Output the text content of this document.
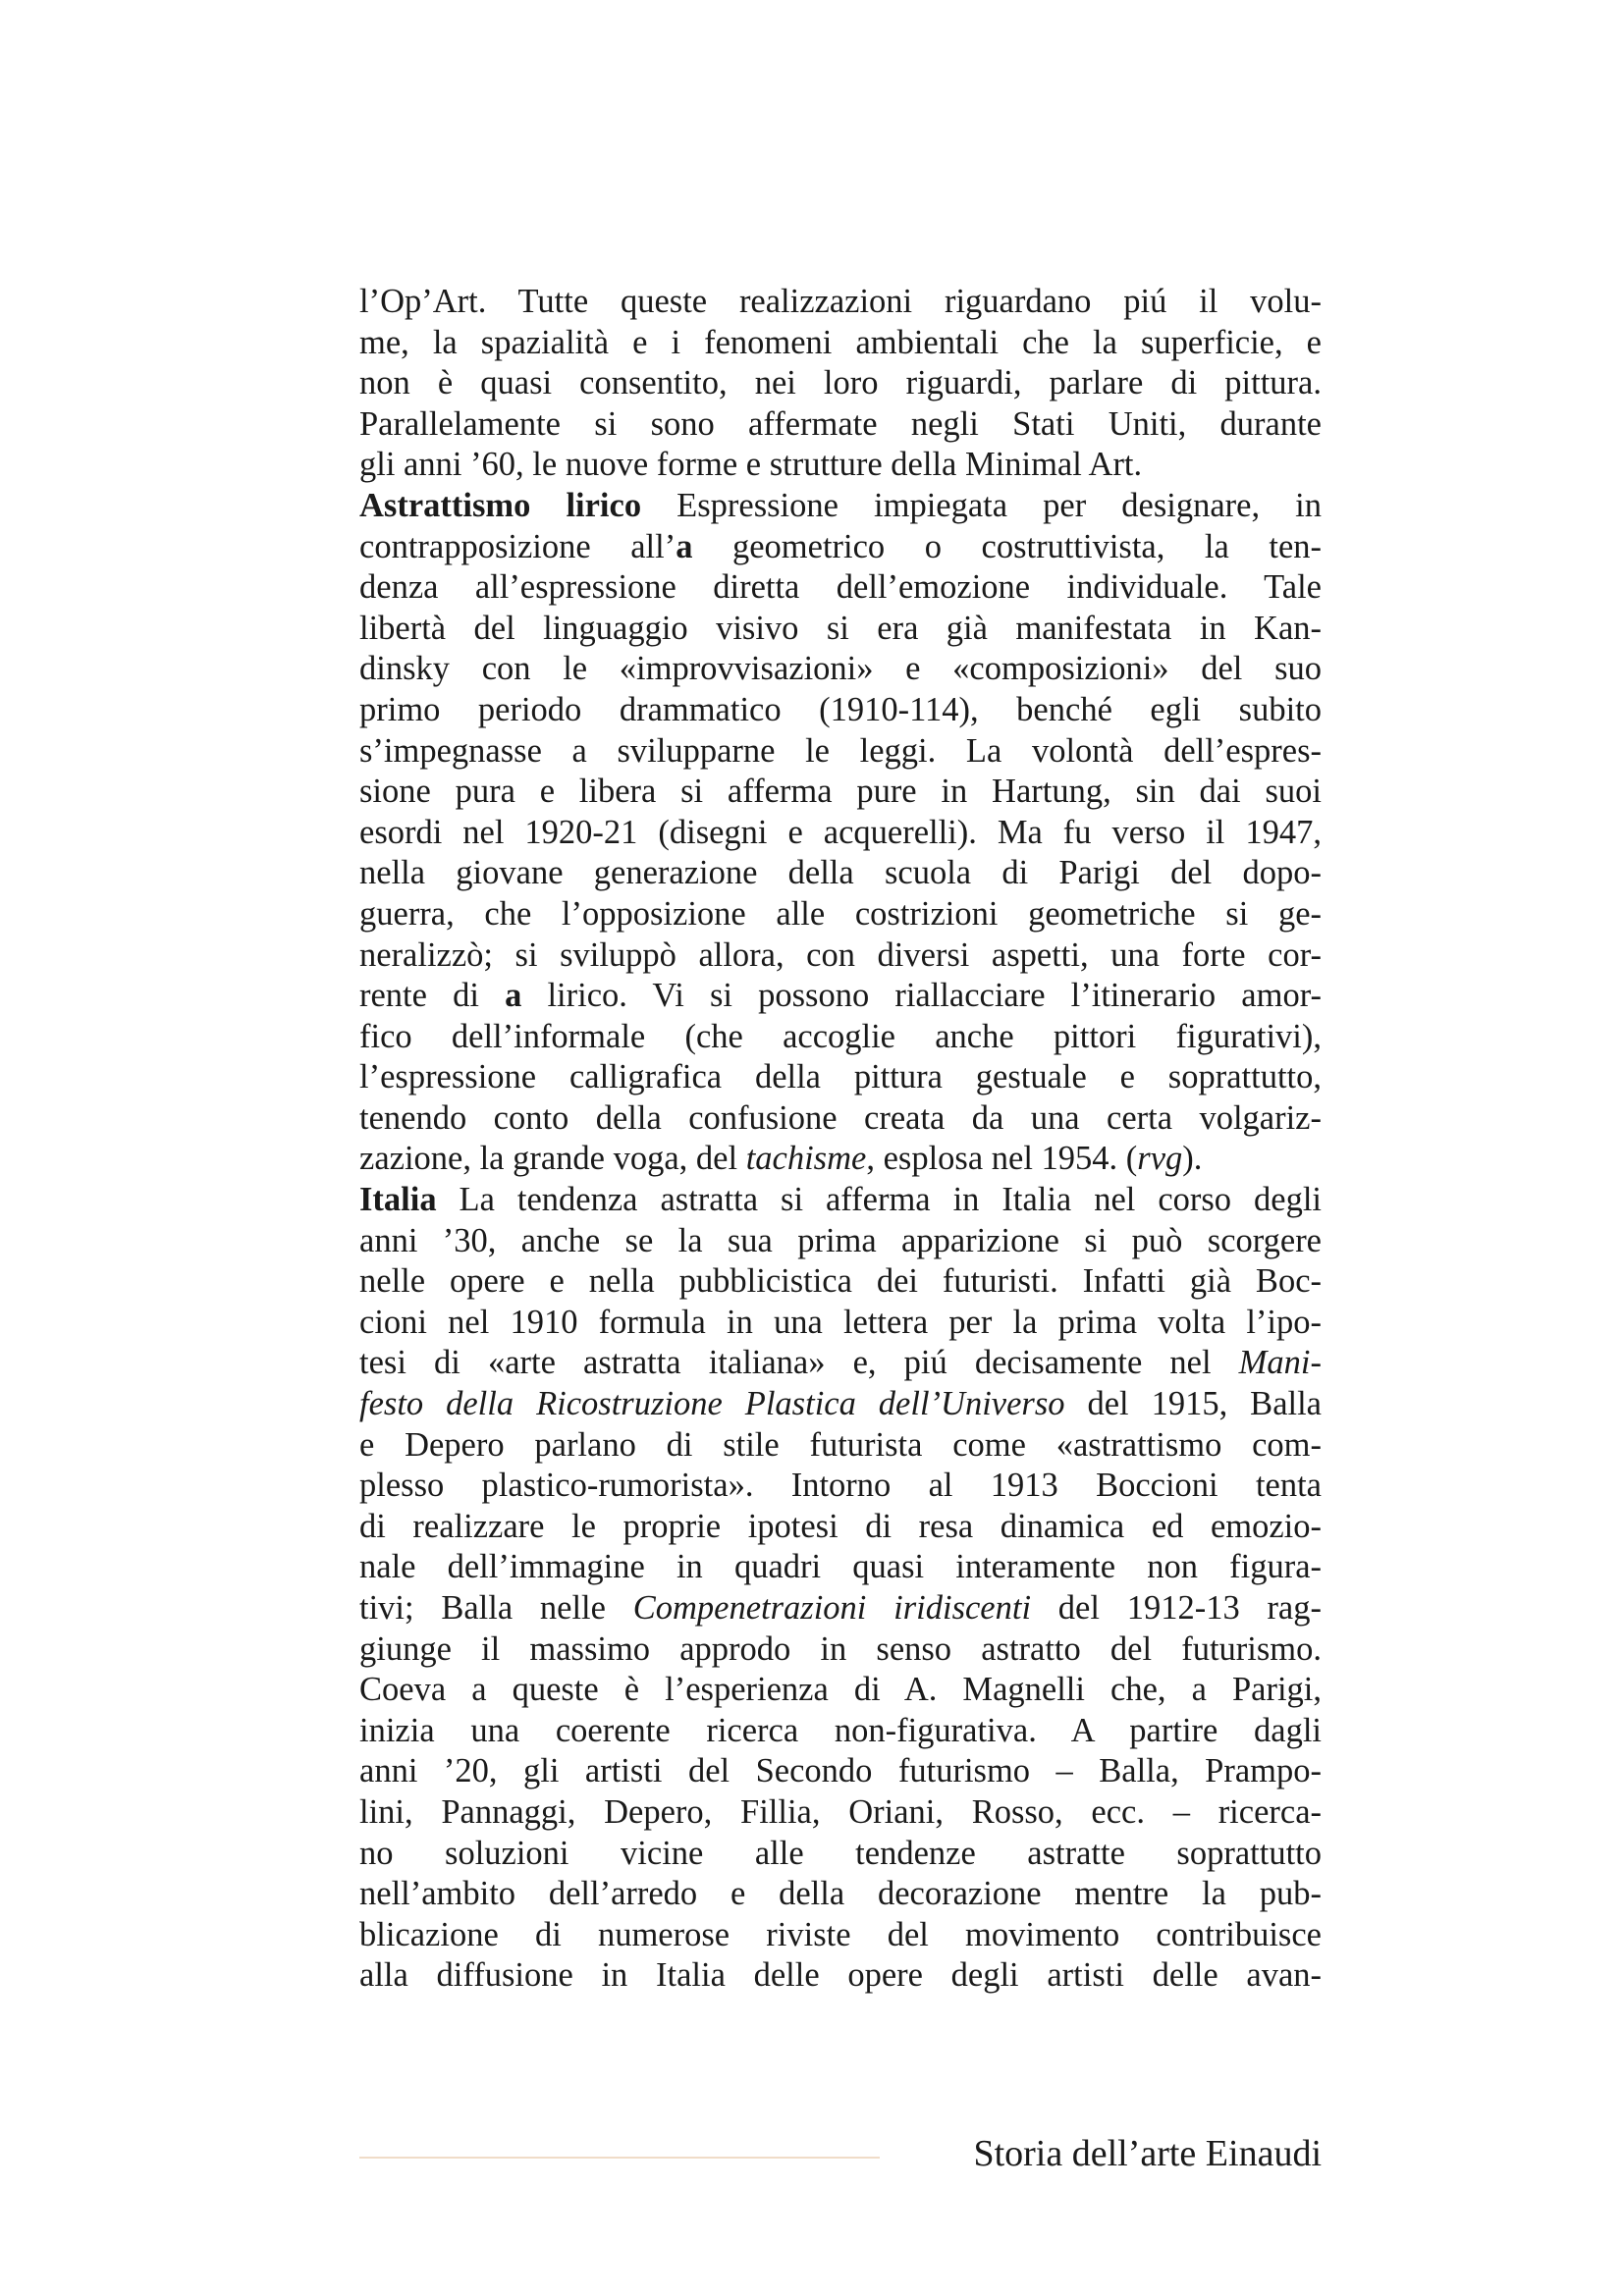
l’Op’Art. Tutte queste realizzazioni riguardano piú il volu-
me, la spazialità e i fenomeni ambientali che la superficie, e
non è quasi consentito, nei loro riguardi, parlare di pittura.
Parallelamente si sono affermate negli Stati Uniti, durante
gli anni ’60, le nuove forme e strutture della Minimal Art.
Astrattismo lirico Espressione impiegata per designare, in
contrapposizione all’a geometrico o costruttivista, la ten-
denza all’espressione diretta dell’emozione individuale. Tale
libertà del linguaggio visivo si era già manifestata in Kan-
dinsky con le «improvvisazioni» e «composizioni» del suo
primo periodo drammatico (1910-114), benché egli subito
s’impegnasse a svilupparne le leggi. La volontà dell’espres-
sione pura e libera si afferma pure in Hartung, sin dai suoi
esordi nel 1920-21 (disegni e acquerelli). Ma fu verso il 1947,
nella giovane generazione della scuola di Parigi del dopo-
guerra, che l’opposizione alle costrizioni geometriche si ge-
neralizzò; si sviluppò allora, con diversi aspetti, una forte cor-
rente di a lirico. Vi si possono riallacciare l’itinerario amor-
fico dell’informale (che accoglie anche pittori figurativi),
l’espressione calligrafica della pittura gestuale e soprattutto,
tenendo conto della confusione creata da una certa volgariz-
zazione, la grande voga, del tachisme, esplosa nel 1954. (rvg).
Italia La tendenza astratta si afferma in Italia nel corso degli
anni ’30, anche se la sua prima apparizione si può scorgere
nelle opere e nella pubblicistica dei futuristi. Infatti già Boc-
cioni nel 1910 formula in una lettera per la prima volta l’ipo-
tesi di «arte astratta italiana» e, piú decisamente nel Mani-
festo della Ricostruzione Plastica dell’Universo del 1915, Balla
e Depero parlano di stile futurista come «astrattismo com-
plesso plastico-rumorista». Intorno al 1913 Boccioni tenta
di realizzare le proprie ipotesi di resa dinamica ed emozio-
nale dell’immagine in quadri quasi interamente non figura-
tivi; Balla nelle Compenetrazioni iridiscenti del 1912-13 rag-
giunge il massimo approdo in senso astratto del futurismo.
Coeva a queste è l’esperienza di A. Magnelli che, a Parigi,
inizia una coerente ricerca non-figurativa. A partire dagli
anni ’20, gli artisti del Secondo futurismo – Balla, Prampo-
lini, Pannaggi, Depero, Fillia, Oriani, Rosso, ecc. – ricerca-
no soluzioni vicine alle tendenze astratte soprattutto
nell’ambito dell’arredo e della decorazione mentre la pub-
blicazione di numerose riviste del movimento contribuisce
alla diffusione in Italia delle opere degli artisti delle avan-
Storia dell’arte Einaudi
